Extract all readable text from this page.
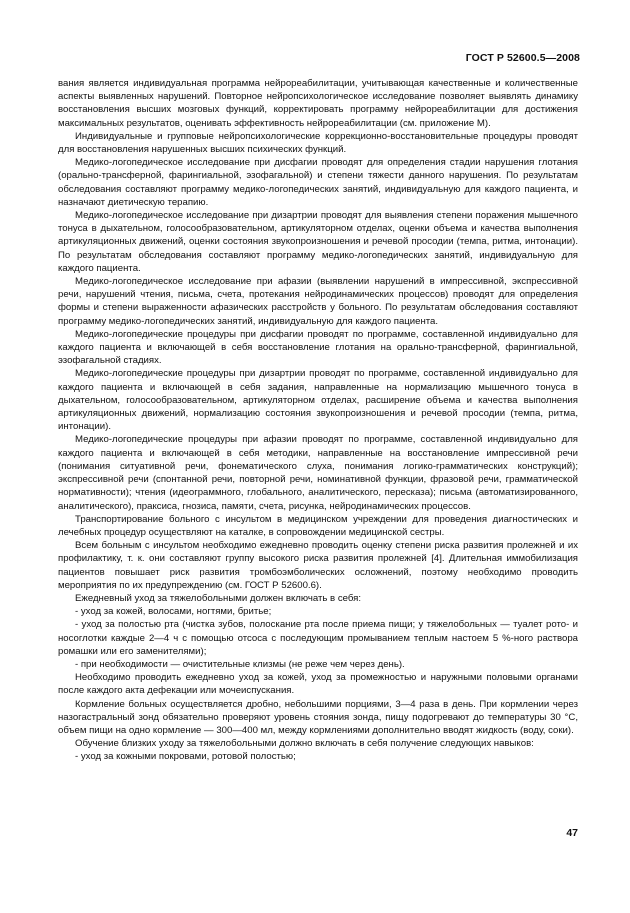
ГОСТ Р 52600.5—2008

вания является индивидуальная программа нейрореабилитации, учитывающая качественные и количественные аспекты выявленных нарушений. Повторное нейропсихологическое исследование позволяет выявлять динамику восстановления высших мозговых функций, корректировать программу нейрореабилитации для достижения максимальных результатов, оценивать эффективность нейрореабилитации (см. приложение М).

Индивидуальные и групповые нейропсихологические коррекционно-восстановительные процедуры проводят для восстановления нарушенных высших психических функций.

Медико-логопедическое исследование при дисфагии проводят для определения стадии нарушения глотания (орально-трансферной, фарингиальной, эзофагальной) и степени тяжести данного нарушения. По результатам обследования составляют программу медико-логопедических занятий, индивидуальную для каждого пациента, и назначают диетическую терапию.

Медико-логопедическое исследование при дизартрии проводят для выявления степени поражения мышечного тонуса в дыхательном, голосообразовательном, артикуляторном отделах, оценки объема и качества выполнения артикуляционных движений, оценки состояния звукопроизношения и речевой просодии (темпа, ритма, интонации). По результатам обследования составляют программу медико-логопедических занятий, индивидуальную для каждого пациента.

Медико-логопедическое исследование при афазии (выявлении нарушений в импрессивной, экспрессивной речи, нарушений чтения, письма, счета, протекания нейродинамических процессов) проводят для определения формы и степени выраженности афазических расстройств у больного. По результатам обследования составляют программу медико-логопедических занятий, индивидуальную для каждого пациента.

Медико-логопедические процедуры при дисфагии проводят по программе, составленной индивидуально для каждого пациента и включающей в себя восстановление глотания на орально-трансферной, фарингиальной, эзофагальной стадиях.

Медико-логопедические процедуры при дизартрии проводят по программе, составленной индивидуально для каждого пациента и включающей в себя задания, направленные на нормализацию мышечного тонуса в дыхательном, голосообразовательном, артикуляторном отделах, расширение объема и качества выполнения артикуляционных движений, нормализацию состояния звукопроизношения и речевой просодии (темпа, ритма, интонации).

Медико-логопедические процедуры при афазии проводят по программе, составленной индивидуально для каждого пациента и включающей в себя методики, направленные на восстановление импрессивной речи (понимания ситуативной речи, фонематического слуха, понимания логико-грамматических конструкций); экспрессивной речи (спонтанной речи, повторной речи, номинативной функции, фразовой речи, грамматической нормативности); чтения (идеограммного, глобального, аналитического, пересказа); письма (автоматизированного, аналитического), праксиса, гнозиса, памяти, счета, рисунка, нейродинамических процессов.

Транспортирование больного с инсультом в медицинском учреждении для проведения диагностических и лечебных процедур осуществляют на каталке, в сопровождении медицинской сестры.

Всем больным с инсультом необходимо ежедневно проводить оценку степени риска развития пролежней и их профилактику, т. к. они составляют группу высокого риска развития пролежней [4]. Длительная иммобилизация пациентов повышает риск развития тромбоэмболических осложнений, поэтому необходимо проводить мероприятия по их предупреждению (см. ГОСТ Р 52600.6).

Ежедневный уход за тяжелобольными должен включать в себя:

- уход за кожей, волосами, ногтями, бритье;

- уход за полостью рта (чистка зубов, полоскание рта после приема пищи; у тяжелобольных — туалет рото- и носоглотки каждые 2—4 ч с помощью отсоса с последующим промыванием теплым настоем 5 %-ного раствора ромашки или его заменителями);

- при необходимости — очистительные клизмы (не реже чем через день).

Необходимо проводить ежедневно уход за кожей, уход за промежностью и наружными половыми органами после каждого акта дефекации или мочеиспускания.

Кормление больных осуществляется дробно, небольшими порциями, 3—4 раза в день. При кормлении через назогастральный зонд обязательно проверяют уровень стояния зонда, пищу подогревают до температуры 30 °С, объем пищи на одно кормление — 300—400 мл, между кормлениями дополнительно вводят жидкость (воду, соки).

Обучение близких уходу за тяжелобольными должно включать в себя получение следующих навыков:

- уход за кожными покровами, ротовой полостью;

47
